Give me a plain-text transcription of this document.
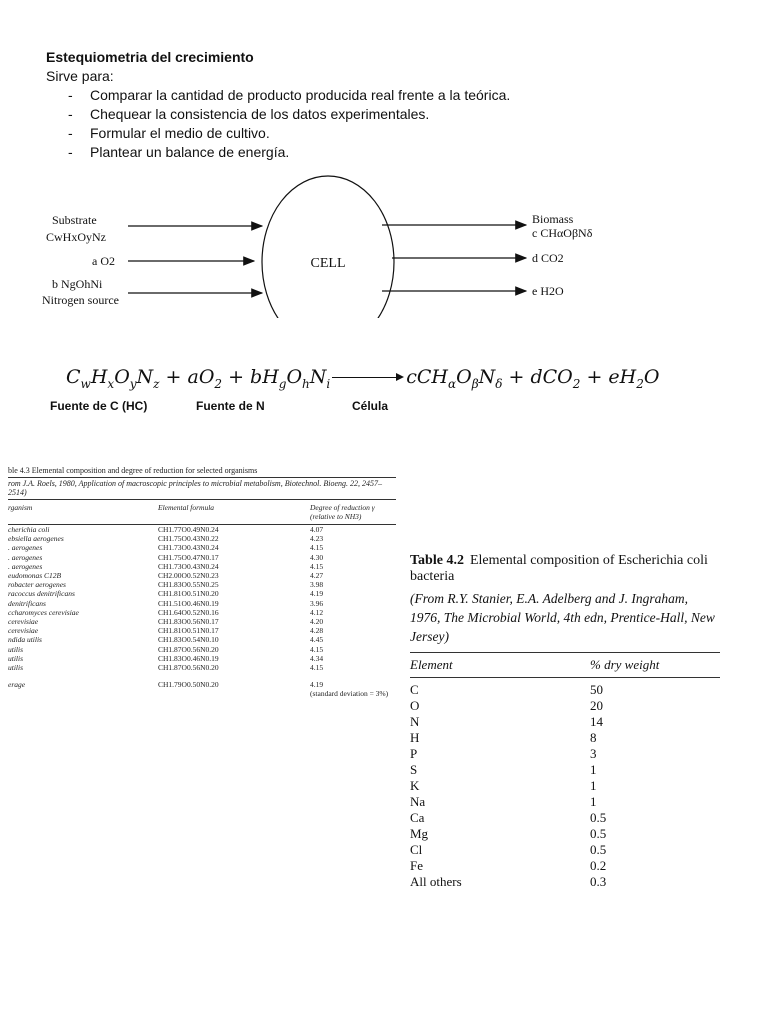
Estequiometria del crecimiento
Sirve para:
- Comparar la cantidad de producto producida real frente a la teórica.
- Chequear la consistencia de los datos experimentales.
- Formular el medio de cultivo.
- Plantear un balance de energía.
Substrate
CwHxOyNz
a O2
b NgOhNi
Nitrogen source
CELL
Biomass
c CHαOβNδ
d CO2
e H2O
$C_wH_xO_yN_z + aO_2 + bH_gO_hN_i$	$cCH_\alpha O_\beta N_\delta + dCO_2 + eH_2O$
Fuente de C (HC)	Fuente de N	Célula
ble 4.3 Elemental composition and degree of reduction for selected organisms
rom J.A. Roels, 1980, Application of macroscopic principles to microbial metabolism, Biotechnol. Bioeng. 22, 2457–2514)
rganism	Elemental formula	Degree of reduction γ (relative to NH3)
cherichia coli	CH1.77O0.49N0.24	4.07
ebsiella aerogenes	CH1.75O0.43N0.22	4.23
. aerogenes	CH1.73O0.43N0.24	4.15
. aerogenes	CH1.75O0.47N0.17	4.30
. aerogenes	CH1.73O0.43N0.24	4.15
eudomonas C12B	CH2.00O0.52N0.23	4.27
robacter aerogenes	CH1.83O0.55N0.25	3.98
racoccus denitrificans	CH1.81O0.51N0.20	4.19
denitrificans	CH1.51O0.46N0.19	3.96
ccharomyces cerevisiae	CH1.64O0.52N0.16	4.12
cerevisiae	CH1.83O0.56N0.17	4.20
cerevisiae	CH1.81O0.51N0.17	4.28
ndida utilis	CH1.83O0.54N0.10	4.45
utilis	CH1.87O0.56N0.20	4.15
utilis	CH1.83O0.46N0.19	4.34
utilis	CH1.87O0.56N0.20	4.15
erage	CH1.79O0.50N0.20	4.19
(standard deviation = 3%)
Table 4.2 Elemental composition of Escherichia coli bacteria
(From R.Y. Stanier, E.A. Adelberg and J. Ingraham, 1976, The Microbial World, 4th edn, Prentice-Hall, New Jersey)
Element	% dry weight
C	50
O	20
N	14
H	8
P	3
S	1
K	1
Na	1
Ca	0.5
Mg	0.5
Cl	0.5
Fe	0.2
All others	0.3
